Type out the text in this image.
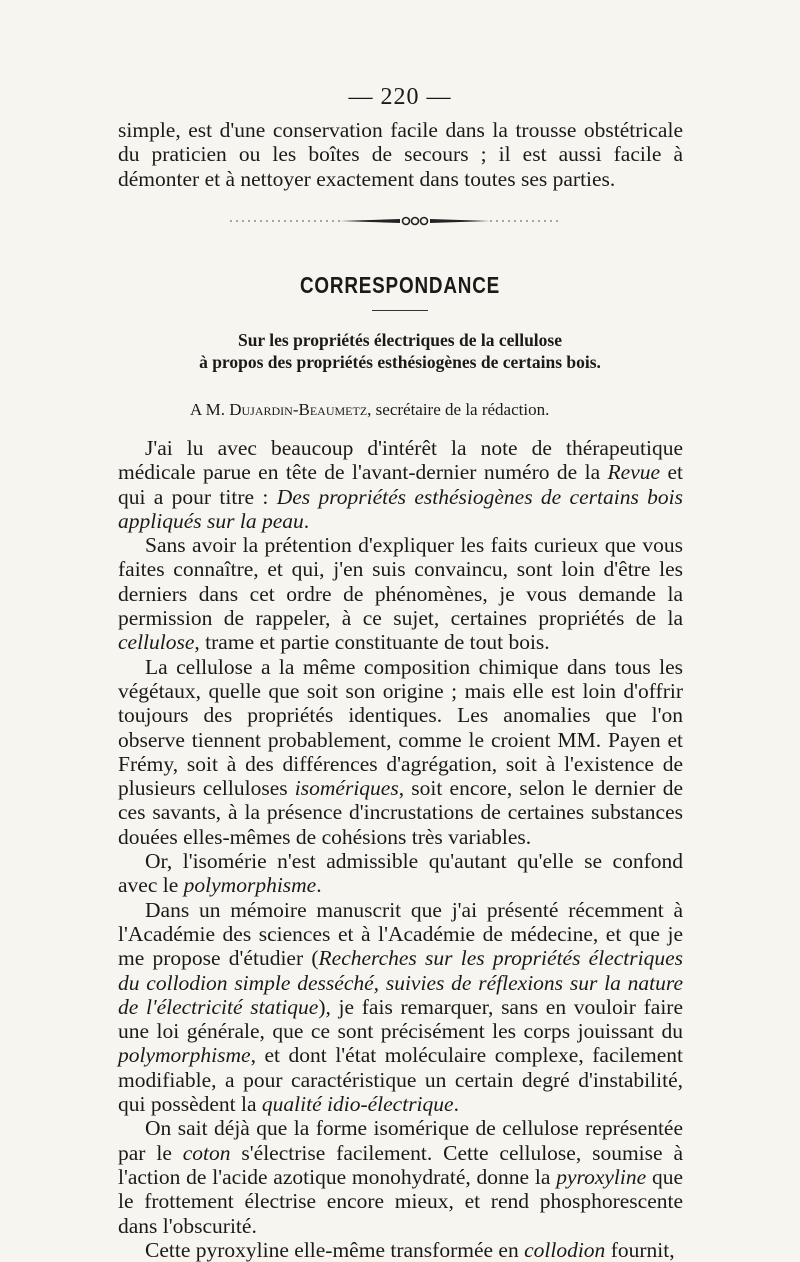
— 220 —

simple, est d'une conservation facile dans la trousse obstétricale du praticien ou les boîtes de secours ; il est aussi facile à démonter et à nettoyer exactement dans toutes ses parties.

CORRESPONDANCE
Sur les propriétés électriques de la cellulose
à propos des propriétés esthésiogènes de certains bois.
A M. Dujardin-Beaumetz, secrétaire de la rédaction.

J'ai lu avec beaucoup d'intérêt la note de thérapeutique médicale parue en tête de l'avant-dernier numéro de la Revue et qui a pour titre : Des propriétés esthésiogènes de certains bois appliqués sur la peau.

Sans avoir la prétention d'expliquer les faits curieux que vous faites connaître, et qui, j'en suis convaincu, sont loin d'être les derniers dans cet ordre de phénomènes, je vous demande la permission de rappeler, à ce sujet, certaines propriétés de la cellulose, trame et partie constituante de tout bois.

La cellulose a la même composition chimique dans tous les végétaux, quelle que soit son origine ; mais elle est loin d'offrir toujours des propriétés identiques. Les anomalies que l'on observe tiennent probablement, comme le croient MM. Payen et Frémy, soit à des différences d'agrégation, soit à l'existence de plusieurs celluloses isomériques, soit encore, selon le dernier de ces savants, à la présence d'incrustations de certaines substances douées elles-mêmes de cohésions très variables.

Or, l'isomérie n'est admissible qu'autant qu'elle se confond avec le polymorphisme.

Dans un mémoire manuscrit que j'ai présenté récemment à l'Académie des sciences et à l'Académie de médecine, et que je me propose d'étudier (Recherches sur les propriétés électriques du collodion simple desséché, suivies de réflexions sur la nature de l'électricité statique), je fais remarquer, sans en vouloir faire une loi générale, que ce sont précisément les corps jouissant du polymorphisme, et dont l'état moléculaire complexe, facilement modifiable, a pour caractéristique un certain degré d'instabilité, qui possèdent la qualité idio-électrique.

On sait déjà que la forme isomérique de cellulose représentée par le coton s'électrise facilement. Cette cellulose, soumise à l'action de l'acide azotique monohydraté, donne la pyroxyline que le frottement électrise encore mieux, et rend phosphorescente dans l'obscurité.

Cette pyroxyline elle-même transformée en collodion fournit,
